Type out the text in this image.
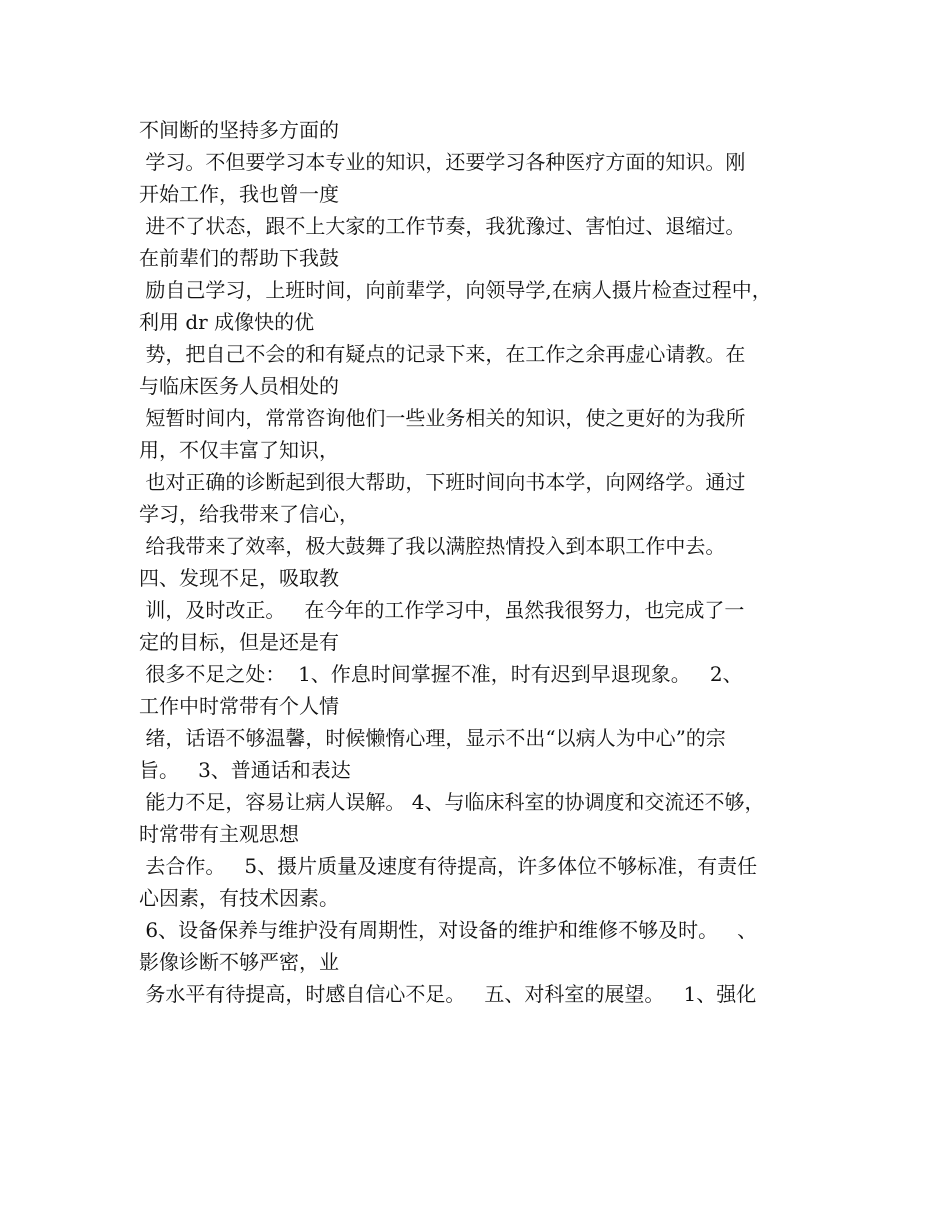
不间断的坚持多方面的
学习。不但要学习本专业的知识，还要学习各种医疗方面的知识。刚
开始工作，我也曾一度
进不了状态，跟不上大家的工作节奏，我犹豫过、害怕过、退缩过。
在前辈们的帮助下我鼓
励自己学习，上班时间，向前辈学，向领导学,在病人摄片检查过程中，
利用 dr 成像快的优
势，把自己不会的和有疑点的记录下来，在工作之余再虚心请教。在
与临床医务人员相处的
短暂时间内，常常咨询他们一些业务相关的知识，使之更好的为我所
用，不仅丰富了知识，
也对正确的诊断起到很大帮助，下班时间向书本学，向网络学。通过
学习，给我带来了信心，
给我带来了效率，极大鼓舞了我以满腔热情投入到本职工作中去。
四、发现不足，吸取教
训，及时改正。   在今年的工作学习中，虽然我很努力，也完成了一
定的目标，但是还是有
很多不足之处：  1、作息时间掌握不准，时有迟到早退现象。   2、
工作中时常带有个人情
绪，话语不够温馨，时候懒惰心理，显示不出“以病人为中心”的宗
旨。   3、普通话和表达
能力不足，容易让病人误解。 4、与临床科室的协调度和交流还不够，
时常带有主观思想
去合作。   5、摄片质量及速度有待提高，许多体位不够标准，有责任
心因素，有技术因素。
6、设备保养与维护没有周期性，对设备的维护和维修不够及时。   、
影像诊断不够严密，业
务水平有待提高，时感自信心不足。   五、对科室的展望。   1、强化
